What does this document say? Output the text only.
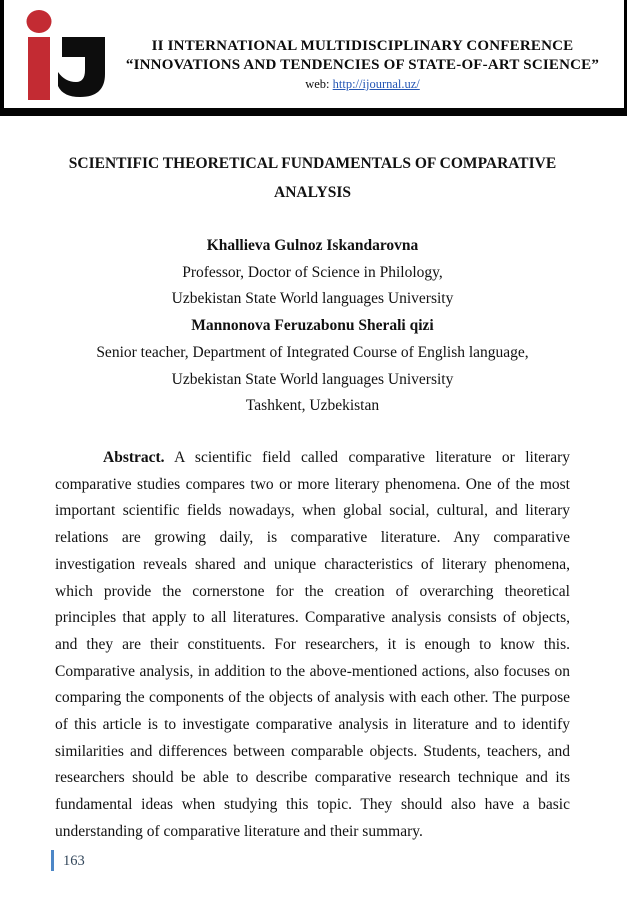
II INTERNATIONAL MULTIDISCIPLINARY CONFERENCE
“INNOVATIONS AND TENDENCIES OF STATE-OF-ART SCIENCE”
web: http://ijournal.uz/
SCIENTIFIC THEORETICAL FUNDAMENTALS OF COMPARATIVE
ANALYSIS
Khallieva Gulnoz Iskandarovna
Professor, Doctor of Science in Philology,
Uzbekistan State World languages University
Mannonova Feruzabonu Sherali qizi
Senior teacher, Department of Integrated Course of English language,
Uzbekistan State World languages University
Tashkent, Uzbekistan

Abstract. A scientific field called comparative literature or literary comparative studies compares two or more literary phenomena. One of the most important scientific fields nowadays, when global social, cultural, and literary relations are growing daily, is comparative literature. Any comparative investigation reveals shared and unique characteristics of literary phenomena, which provide the cornerstone for the creation of overarching theoretical principles that apply to all literatures. Comparative analysis consists of objects, and they are their constituents. For researchers, it is enough to know this. Comparative analysis, in addition to the above-mentioned actions, also focuses on comparing the components of the objects of analysis with each other. The purpose of this article is to investigate comparative analysis in literature and to identify similarities and differences between comparable objects. Students, teachers, and researchers should be able to describe comparative research technique and its fundamental ideas when studying this topic. They should also have a basic understanding of comparative literature and their summary.

163
